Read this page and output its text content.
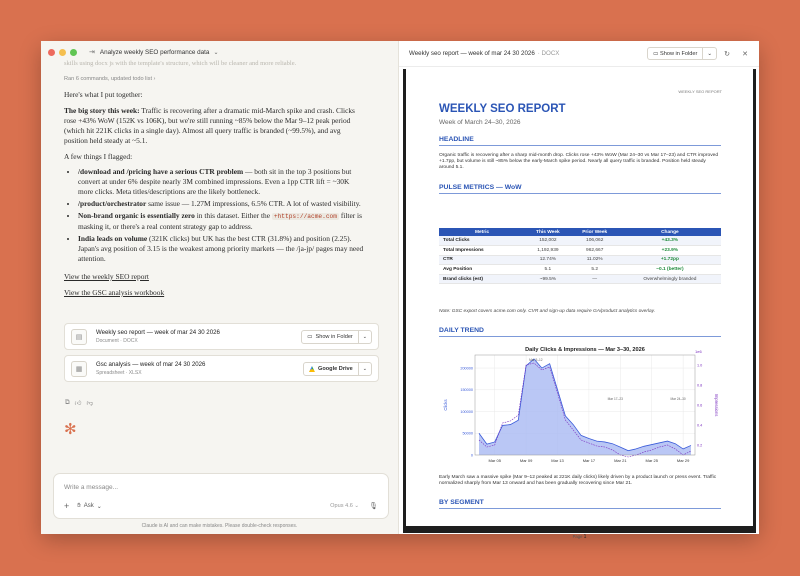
⇥ Analyze weekly SEO performance data ⌄
skills using docx js with the template's structure, which will be cleaner and more reliable.
Ran 6 commands, updated todo list ›

Here's what I put together:

The big story this week: Traffic is recovering after a dramatic mid-March spike and crash. Clicks rose +43% WoW (152K vs 106K), but we're still running ~85% below the Mar 9–12 peak period (which hit 221K clicks in a single day). Almost all query traffic is branded (~99.5%), and avg position held steady at ~5.1.

A few things I flagged:

• /download and /pricing have a serious CTR problem — both sit in the top 3 positions but convert at under 6% despite nearly 3M combined impressions. Even a 1pp CTR lift = ~30K more clicks. Meta titles/descriptions are the likely bottleneck.
• /product/orchestrator same issue — 1.27M impressions, 6.5% CTR. A lot of wasted visibility.
• Non-brand organic is essentially zero in this dataset. Either the +https://acme.com filter is masking it, or there's a real content strategy gap to address.
• India leads on volume (321K clicks) but UK has the best CTR (31.8%) and position (2.25). Japan's avg position of 3.15 is the weakest among priority markets — the /ja-jp/ pages may need attention.
View the weekly SEO report
View the GSC analysis workbook
▤
Weekly seo report — week of mar 24 30 2026
Document · DOCX
▭ Show in Folder	⌄
▦
Gsc analysis — week of mar 24 30 2026
Spreadsheet · XLSX
Google Drive	⌄
⧉ 👍︎ 👎︎
✻
Write a message...
+ ✋︎ Ask ⌄	Opus 4.6 ⌄ 🎙︎
Claude is AI and can make mistakes. Please double-check responses.
Weekly seo report — week of mar 24 30 2026 · DOCX	▭ Show in Folder	⌄	↻	✕
WEEKLY SEO REPORT
WEEKLY SEO REPORT
Week of March 24–30, 2026
HEADLINE
Organic traffic is recovering after a sharp mid-month drop. Clicks rose +43% WoW (Mar 24–30 vs Mar 17–23) and CTR improved +1.7pp, but volume is still ~85% below the early-March spike period. Nearly all query traffic is branded. Position held steady around 5.1.
PULSE METRICS — WoW
Metric	This Week	Prior Week	Change
Total Clicks	152,002	106,062	+43.3%
Total Impressions	1,192,939	962,667	+23.9%
CTR	12.74%	11.02%	+1.72pp
Avg Position	5.1	5.2	−0.1 (better)
Brand clicks (est)	~99.5%	—	Overwhelmingly branded
Note: GSC export covers acme.com only. CVR and sign-up data require GA/product analytics overlay.
DAILY TREND
Daily Clicks & Impressions — Mar 3–30, 2026
Mar 9–12
Mar 17–23	Mar 24–30
0
50000
100000
150000
200000
0.2
0.4
0.6
0.8
1.0
Mar 05	Mar 09	Mar 13	Mar 17	Mar 21	Mar 25	Mar 29
Clicks	Impressions
1e6
Early March saw a massive spike (Mar 9–12 peaked at 221K daily clicks) likely driven by a product launch or press event. Traffic normalized sharply from Mar 13 onward and has been gradually recovering since Mar 21.
BY SEGMENT
Page 1
